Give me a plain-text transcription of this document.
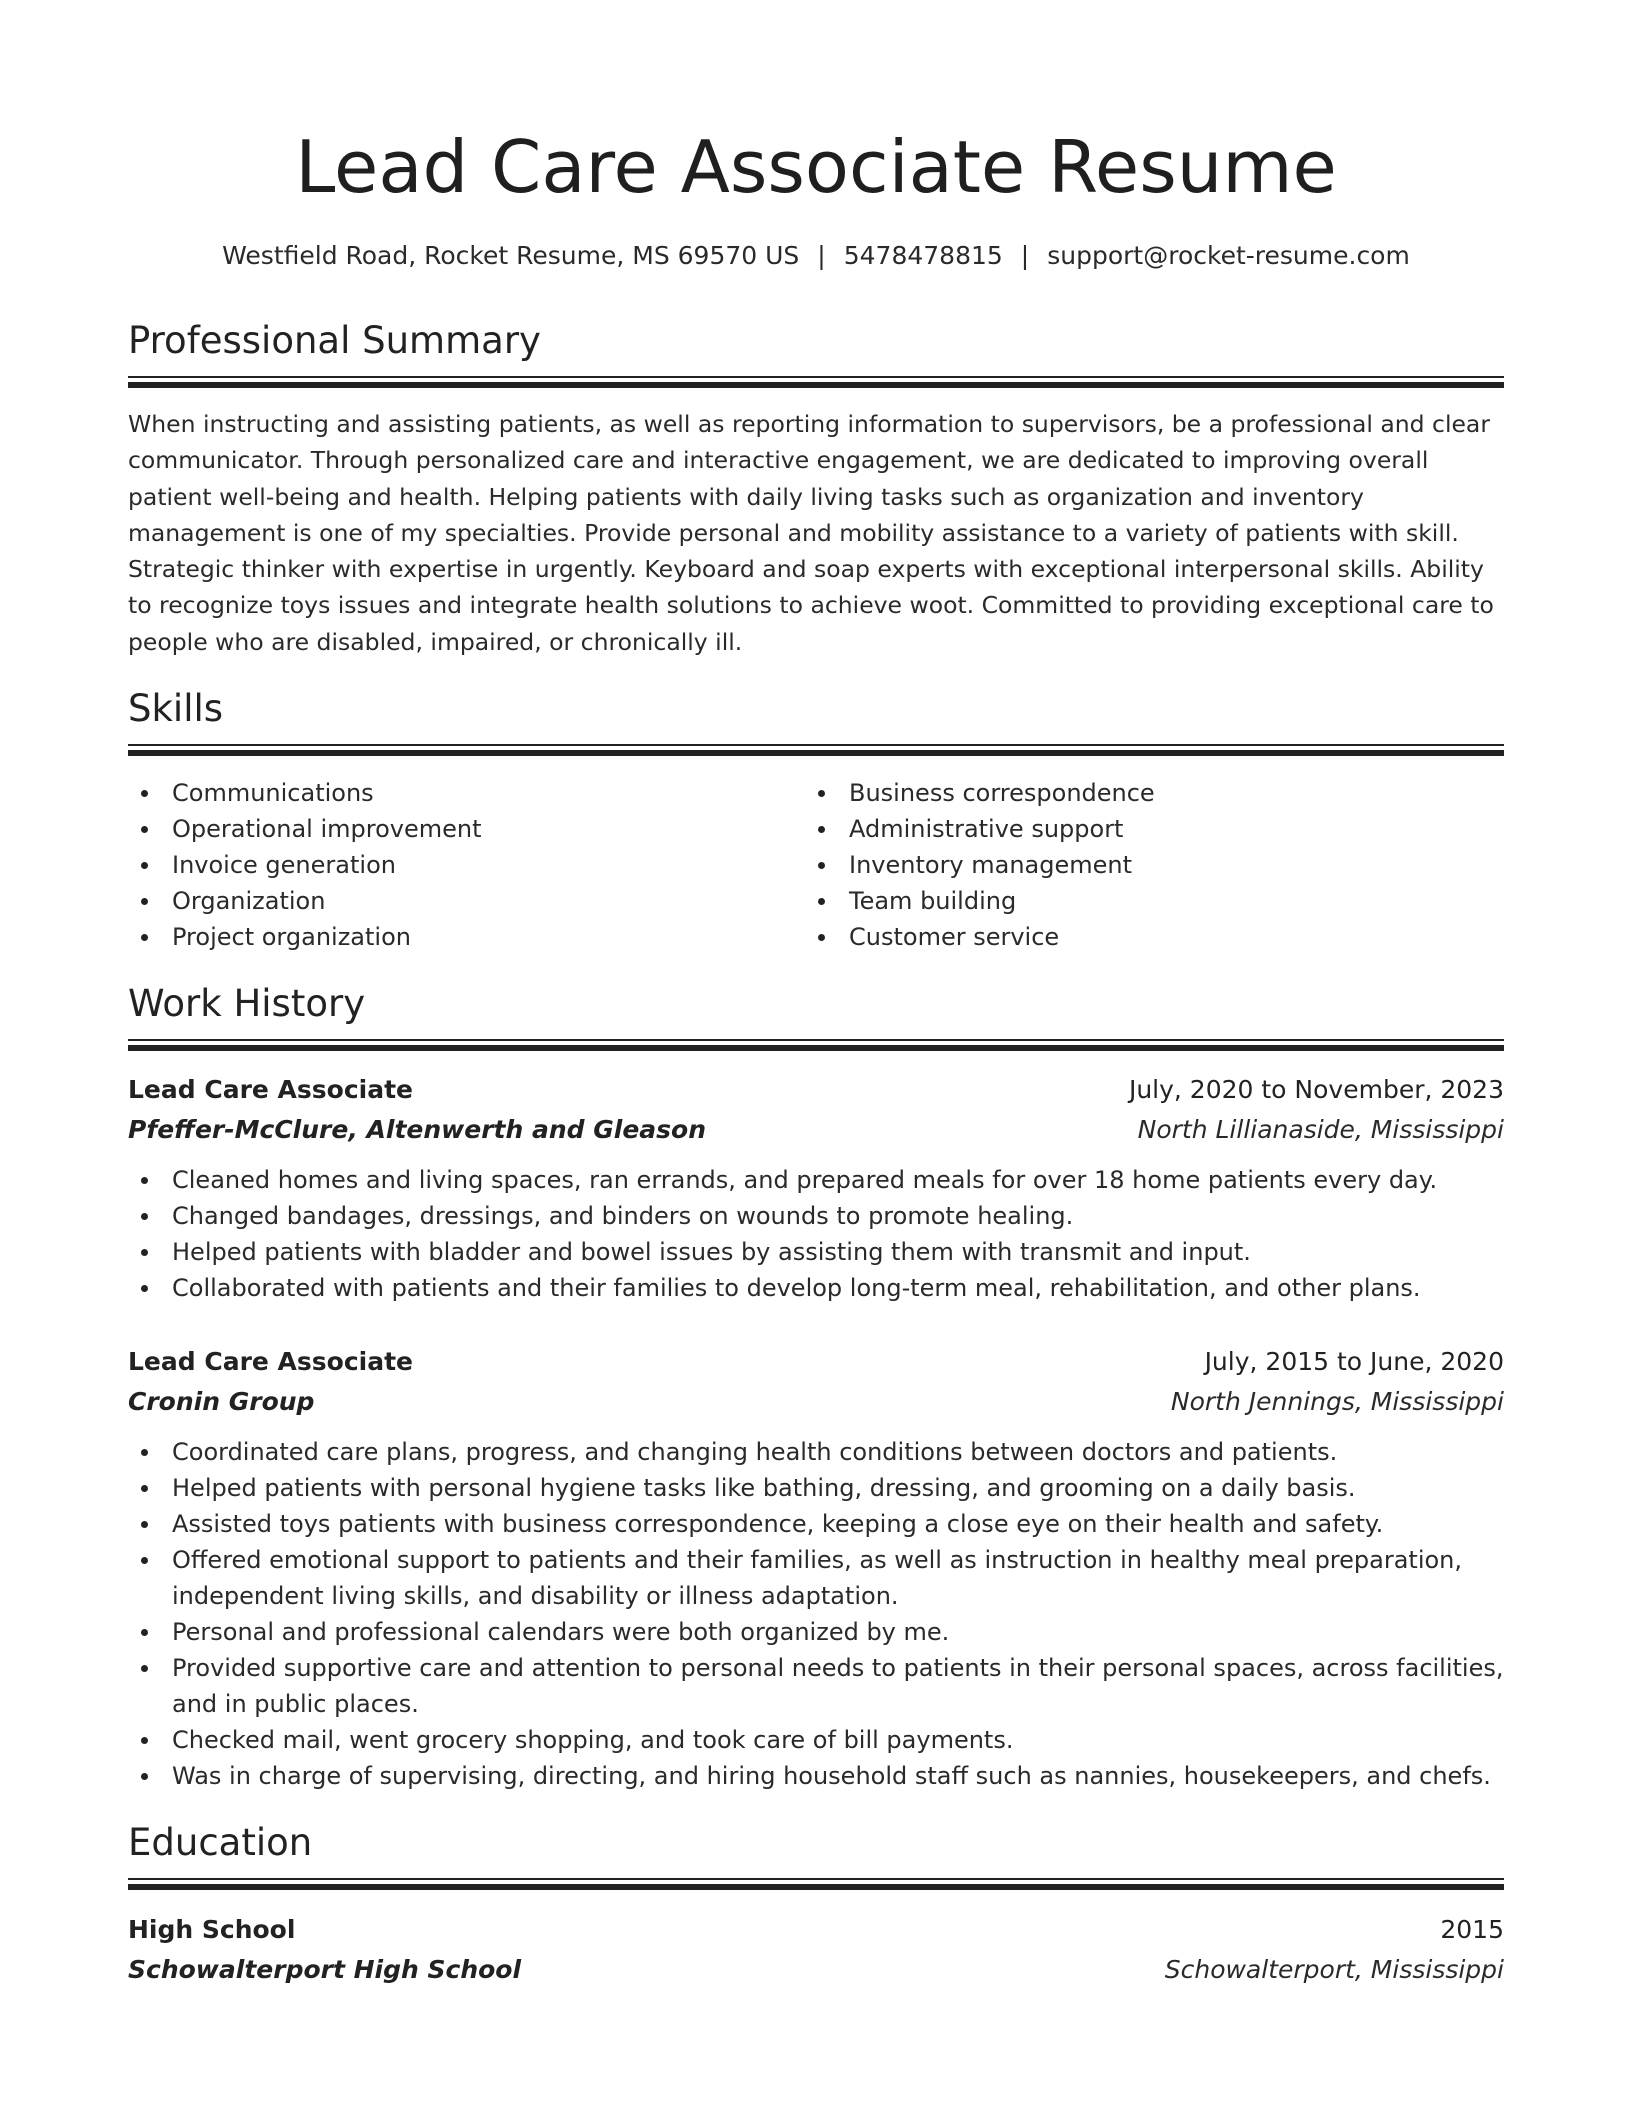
Lead Care Associate Resume
Westfield Road, Rocket Resume, MS 69570 US | 5478478815 | support@rocket-resume.com
Professional Summary

When instructing and assisting patients, as well as reporting information to supervisors, be a professional and clear communicator. Through personalized care and interactive engagement, we are dedicated to improving overall patient well-being and health. Helping patients with daily living tasks such as organization and inventory management is one of my specialties. Provide personal and mobility assistance to a variety of patients with skill. Strategic thinker with expertise in urgently. Keyboard and soap experts with exceptional interpersonal skills. Ability to recognize toys issues and integrate health solutions to achieve woot. Committed to providing exceptional care to people who are disabled, impaired, or chronically ill.

Skills
Communications
Operational improvement
Invoice generation
Organization
Project organization
Business correspondence
Administrative support
Inventory management
Team building
Customer service
Work History
Lead Care Associate	July, 2020 to November, 2023
Pfeffer-McClure, Altenwerth and Gleason	North Lillianaside, Mississippi
Cleaned homes and living spaces, ran errands, and prepared meals for over 18 home patients every day.
Changed bandages, dressings, and binders on wounds to promote healing.
Helped patients with bladder and bowel issues by assisting them with transmit and input.
Collaborated with patients and their families to develop long-term meal, rehabilitation, and other plans.
Lead Care Associate	July, 2015 to June, 2020
Cronin Group	North Jennings, Mississippi
Coordinated care plans, progress, and changing health conditions between doctors and patients.
Helped patients with personal hygiene tasks like bathing, dressing, and grooming on a daily basis.
Assisted toys patients with business correspondence, keeping a close eye on their health and safety.
Offered emotional support to patients and their families, as well as instruction in healthy meal preparation, independent living skills, and disability or illness adaptation.
Personal and professional calendars were both organized by me.
Provided supportive care and attention to personal needs to patients in their personal spaces, across facilities, and in public places.
Checked mail, went grocery shopping, and took care of bill payments.
Was in charge of supervising, directing, and hiring household staff such as nannies, housekeepers, and chefs.
Education
High School	2015
Schowalterport High School	Schowalterport, Mississippi
